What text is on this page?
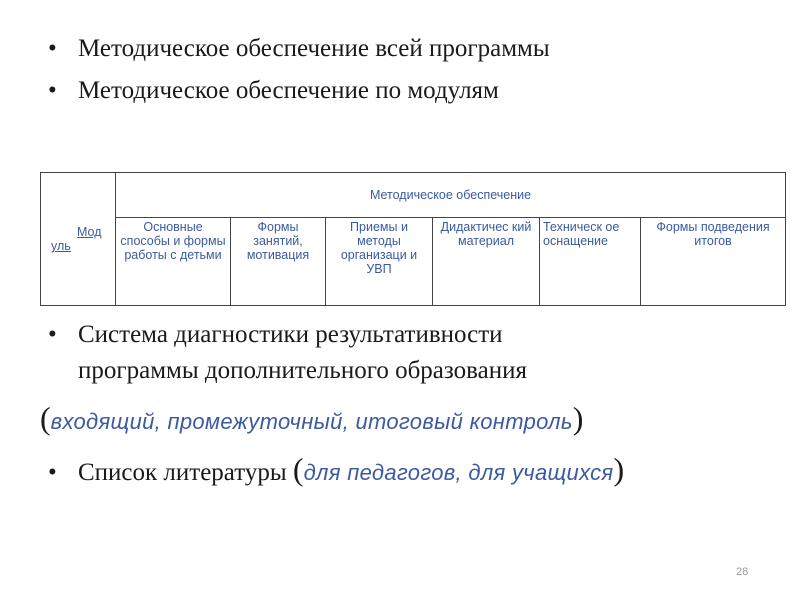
• Методическое обеспечение всей программы
• Методическое обеспечение по модулям
Мод
уль	Методическое обеспечение					
	Основные способы и формы работы с детьми	Формы занятий, мотивация	Приемы и методы организаци и УВП	Дидактичес кий материал	Техническ ое оснащение	Формы подведения итогов
• Система диагностики результативности
программы дополнительного образования
(входящий, промежуточный, итоговый контроль)
• Список литературы (для педагогов, для учащихся)
28
